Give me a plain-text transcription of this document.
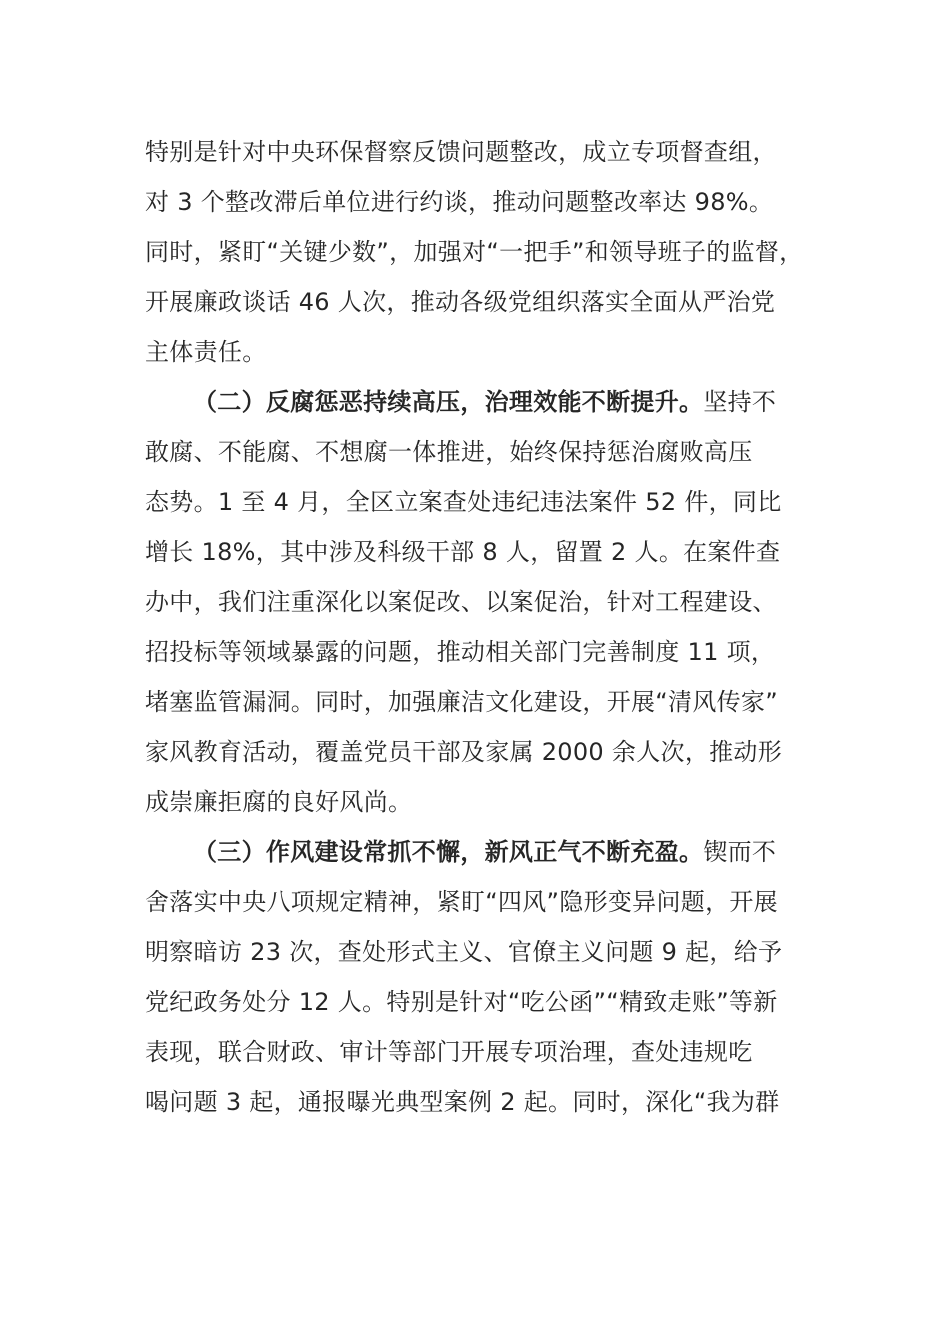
特别是针对中央环保督察反馈问题整改，成立专项督查组，
对 3 个整改滞后单位进行约谈，推动问题整改率达 98%。
同时，紧盯“关键少数”，加强对“一把手”和领导班子的监督，
开展廉政谈话 46 人次，推动各级党组织落实全面从严治党
主体责任。
（二）反腐惩恶持续高压，治理效能不断提升。坚持不
敢腐、不能腐、不想腐一体推进，始终保持惩治腐败高压
态势。1 至 4 月，全区立案查处违纪违法案件 52 件，同比
增长 18%，其中涉及科级干部 8 人，留置 2 人。在案件查
办中，我们注重深化以案促改、以案促治，针对工程建设、
招投标等领域暴露的问题，推动相关部门完善制度 11 项，
堵塞监管漏洞。同时，加强廉洁文化建设，开展“清风传家”
家风教育活动，覆盖党员干部及家属 2000 余人次，推动形
成崇廉拒腐的良好风尚。
（三）作风建设常抓不懈，新风正气不断充盈。锲而不
舍落实中央八项规定精神，紧盯“四风”隐形变异问题，开展
明察暗访 23 次，查处形式主义、官僚主义问题 9 起，给予
党纪政务处分 12 人。特别是针对“吃公函”“精致走账”等新
表现，联合财政、审计等部门开展专项治理，查处违规吃
喝问题 3 起，通报曝光典型案例 2 起。同时，深化“我为群
